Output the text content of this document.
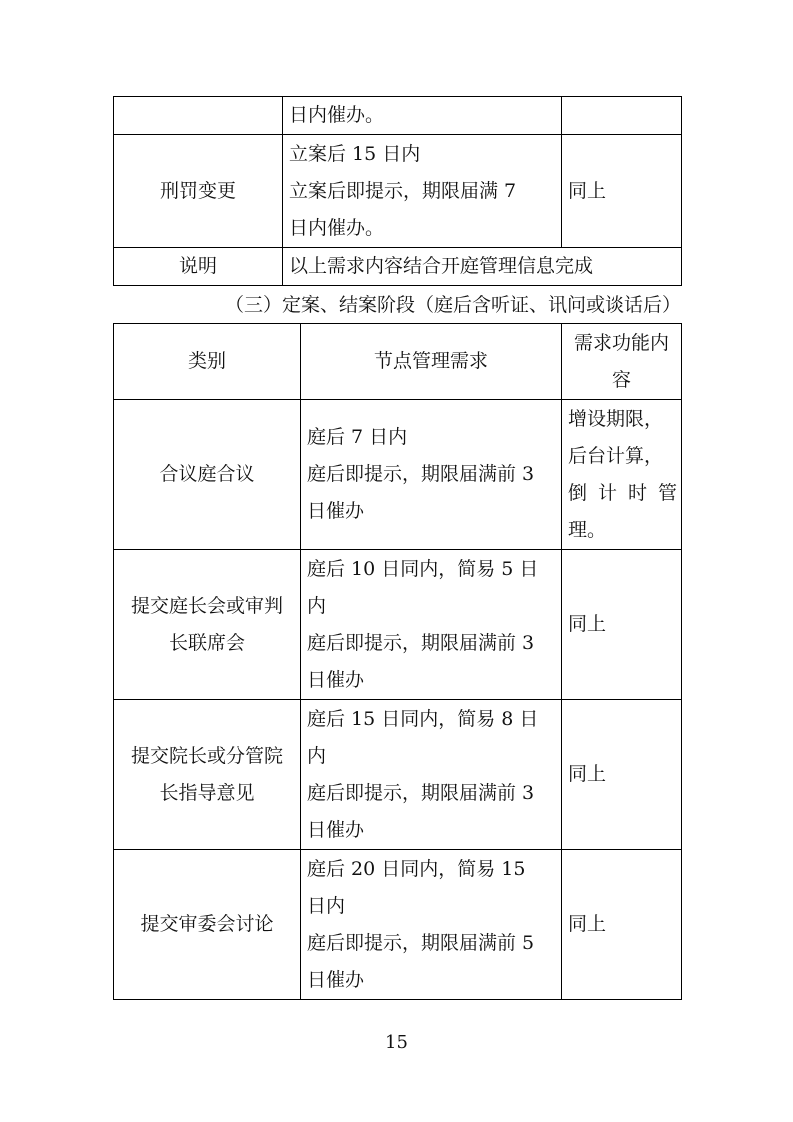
	日内催办。	

刑罚变更	立案后 15 日内
立案后即提示，期限届满 7
日内催办。	同上
说明	以上需求内容结合开庭管理信息完成	
（三）定案、结案阶段（庭后含听证、讯问或谈话后）
类别	节点管理需求	需求功能内
容

合议庭合议	庭后 7 日内
庭后即提示，期限届满前 3
日催办	增设期限，
后台计算，
倒计时管
理。

提交庭长会或审判
长联席会	庭后 10 日同内，简易 5 日
内
庭后即提示，期限届满前 3
日催办	同上

提交院长或分管院
长指导意见	庭后 15 日同内，简易 8 日
内
庭后即提示，期限届满前 3
日催办	同上

提交审委会讨论	庭后 20 日同内，简易 15
日内
庭后即提示，期限届满前 5
日催办	同上
15
